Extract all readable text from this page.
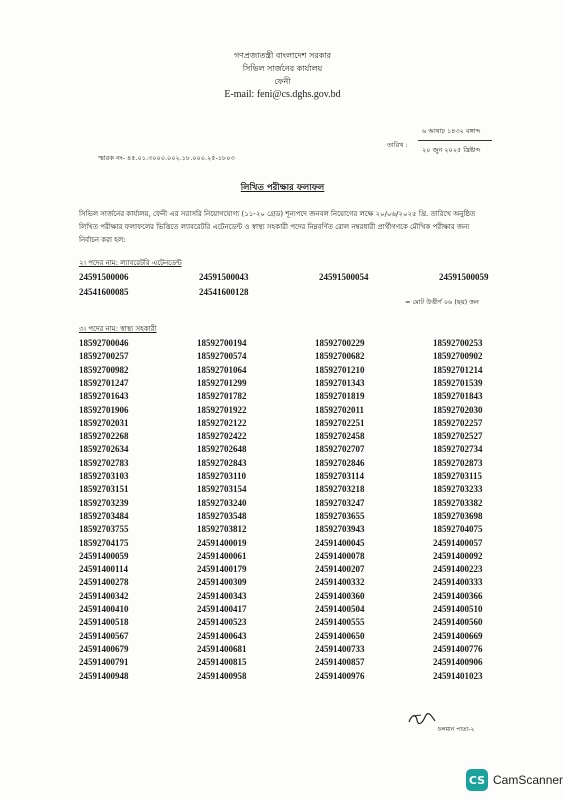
গণপ্রজাতন্ত্রী বাংলাদেশ সরকার
সিভিল সার্জনের কার্যালয়
ফেনী
E-mail: feni@cs.dghs.gov.bd
৬ আষাঢ় ১৪৩২ বঙ্গাব্দ
তারিখ :
২০ জুন ২০২৫ খ্রিষ্টাব্দ
স্মারক নং- ৪৫.০১.৩০০০.০০২.১৮.০০০.২৫-১৮০৩
লিখিত পরীক্ষার ফলাফল
সিভিল সার্জনের কার্যালয়, ফেনী এর সরাসরি নিয়োগযোগ্য (১১-২০ গ্রেড) শূন্যপদে জনবল নিয়োগের লক্ষে ২০/০৬/২০২৫ খ্রি. তারিখে অনুষ্ঠিত লিখিত পরীক্ষার ফলাফলের ভিত্তিতে ল্যাবরেটরি এটেনডেন্ট ও স্বাস্থ্য সহকারী পদের নিম্নবর্ণিত রোল নম্বরধারী প্রার্থীগণকে মৌখিক পরীক্ষার জন্য নির্বাচন করা হল:
২। পদের নাম: ল্যাবরেটরি এটেনডেন্ট
24591500006	24591500043	24591500054	24591500059
24541600085	24541600128
= মোট উত্তীর্ণ ০৬ (ছয়) জন
৩। পদের নাম: স্বাস্থ্য সহকারী
18592700046	18592700194	18592700229	18592700253
18592700257	18592700574	18592700682	18592700902
18592700982	18592701064	18592701210	18592701214
18592701247	18592701299	18592701343	18592701539
18592701643	18592701782	18592701819	18592701843
18592701906	18592701922	18592702011	18592702030
18592702031	18592702122	18592702251	18592702257
18592702268	18592702422	18592702458	18592702527
18592702634	18592702648	18592702707	18592702734
18592702783	18592702843	18592702846	18592702873
18592703103	18592703110	18592703114	18592703115
18592703151	18592703154	18592703218	18592703233
18592703239	18592703240	18592703247	18592703382
18592703484	18592703548	18592703655	18592703698
18592703755	18592703812	18592703943	18592704075
18592704175	24591400019	24591400045	24591400057
24591400059	24591400061	24591400078	24591400092
24591400114	24591400179	24591400207	24591400223
24591400278	24591400309	24591400332	24591400333
24591400342	24591400343	24591400360	24591400366
24591400410	24591400417	24591400504	24591400510
24591400518	24591400523	24591400555	24591400560
24591400567	24591400643	24591400650	24591400669
24591400679	24591400681	24591400733	24591400776
24591400791	24591400815	24591400857	24591400906
24591400948	24591400958	24591400976	24591401023
চলমান পাতা-২
CS CamScanner
